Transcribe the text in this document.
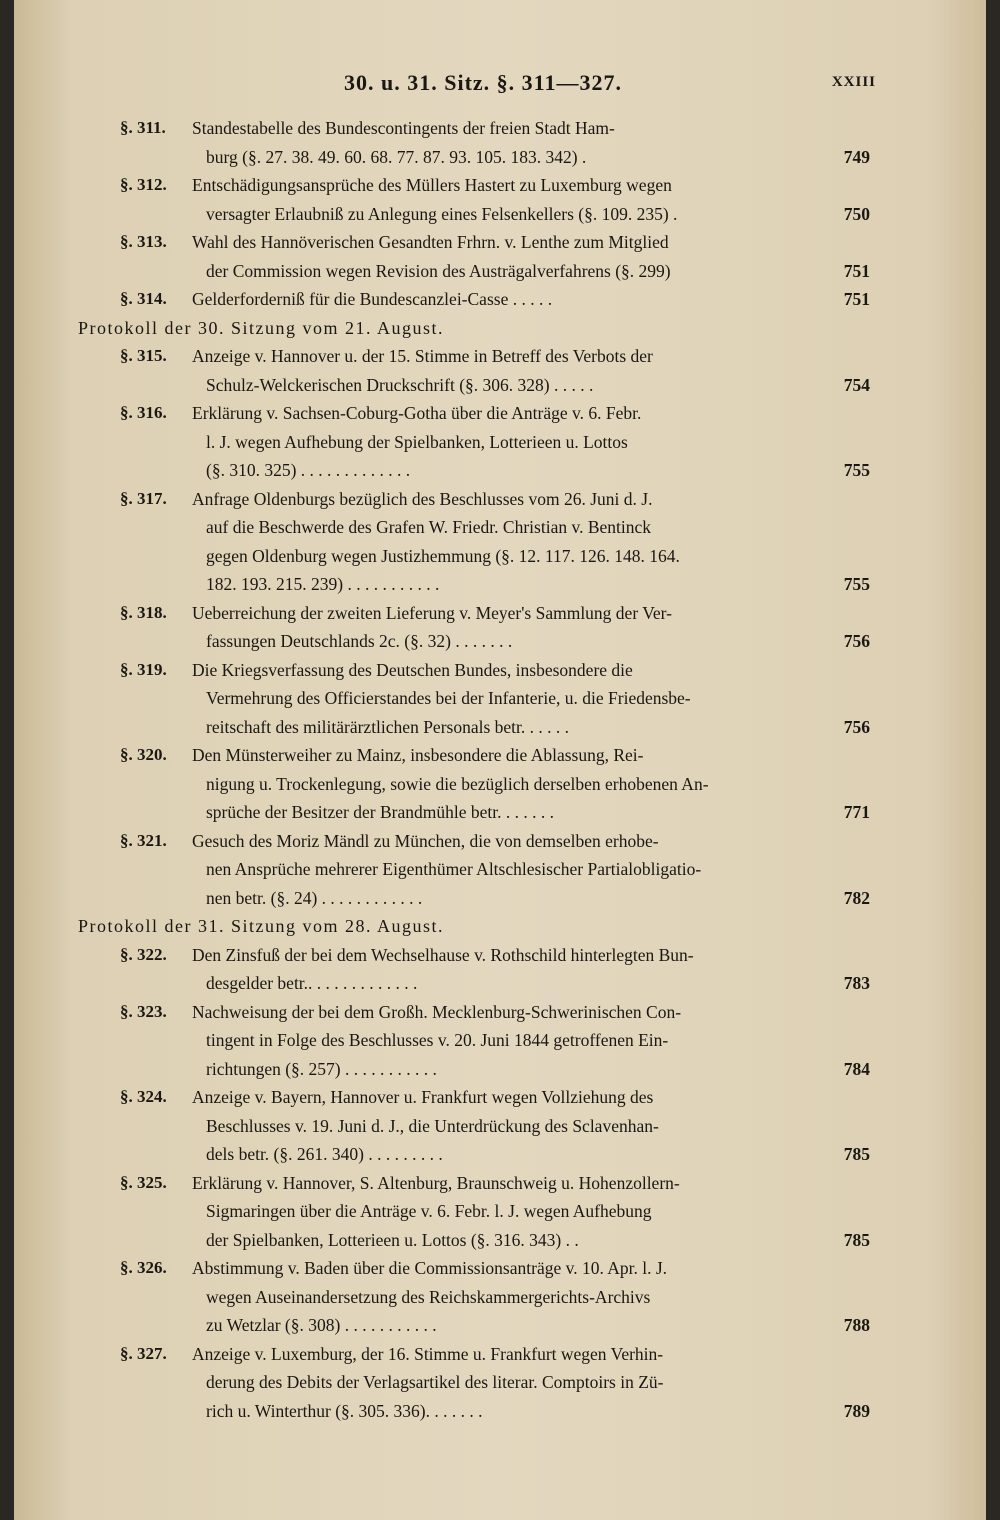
30. u. 31. Sitz. §. 311—327.	XXIII
§. 311. Standestabelle des Bundescontingents der freien Stadt Ham-
burg (§. 27. 38. 49. 60. 68. 77. 87. 93. 105. 183. 342) .	749
§. 312. Entschädigungsansprüche des Müllers Hastert zu Luxemburg wegen
versagter Erlaubniß zu Anlegung eines Felsenkellers (§. 109. 235) .	750
§. 313. Wahl des Hannöverischen Gesandten Frhrn. v. Lenthe zum Mitglied
der Commission wegen Revision des Austrägalverfahrens (§. 299)	751
§. 314. Gelderforderniß für die Bundescanzlei-Casse . . . . .	751
Protokoll der 30. Sitzung vom 21. August.
§. 315. Anzeige v. Hannover u. der 15. Stimme in Betreff des Verbots der
Schulz-Welckerischen Druckschrift (§. 306. 328) . . . . .	754
§. 316. Erklärung v. Sachsen-Coburg-Gotha über die Anträge v. 6. Febr.
l. J. wegen Aufhebung der Spielbanken, Lotterieen u. Lottos
(§. 310. 325) . . . . . . . . . . . . .	755
§. 317. Anfrage Oldenburgs bezüglich des Beschlusses vom 26. Juni d. J.
auf die Beschwerde des Grafen W. Friedr. Christian v. Bentinck
gegen Oldenburg wegen Justizhemmung (§. 12. 117. 126. 148. 164.
182. 193. 215. 239) . . . . . . . . . . .	755
§. 318. Ueberreichung der zweiten Lieferung v. Meyer's Sammlung der Ver-
fassungen Deutschlands 2c. (§. 32) . . . . . . .	756
§. 319. Die Kriegsverfassung des Deutschen Bundes, insbesondere die
Vermehrung des Officierstandes bei der Infanterie, u. die Friedensbe-
reitschaft des militärärztlichen Personals betr. . . . . .	756
§. 320. Den Münsterweiher zu Mainz, insbesondere die Ablassung, Rei-
nigung u. Trockenlegung, sowie die bezüglich derselben erhobenen An-
sprüche der Besitzer der Brandmühle betr. . . . . . .	771
§. 321. Gesuch des Moriz Mändl zu München, die von demselben erhobe-
nen Ansprüche mehrerer Eigenthümer Altschlesischer Partialobligatio-
nen betr. (§. 24) . . . . . . . . . . . .	782
Protokoll der 31. Sitzung vom 28. August.
§. 322. Den Zinsfuß der bei dem Wechselhause v. Rothschild hinterlegten Bun-
desgelder betr.. . . . . . . . . . . . .	783
§. 323. Nachweisung der bei dem Großh. Mecklenburg-Schwerinischen Con-
tingent in Folge des Beschlusses v. 20. Juni 1844 getroffenen Ein-
richtungen (§. 257) . . . . . . . . . . .	784
§. 324. Anzeige v. Bayern, Hannover u. Frankfurt wegen Vollziehung des
Beschlusses v. 19. Juni d. J., die Unterdrückung des Sclavenhan-
dels betr. (§. 261. 340) . . . . . . . . .	785
§. 325. Erklärung v. Hannover, S. Altenburg, Braunschweig u. Hohenzollern-
Sigmaringen über die Anträge v. 6. Febr. l. J. wegen Aufhebung
der Spielbanken, Lotterieen u. Lottos (§. 316. 343) . .	785
§. 326. Abstimmung v. Baden über die Commissionsanträge v. 10. Apr. l. J.
wegen Auseinandersetzung des Reichskammergerichts-Archivs
zu Wetzlar (§. 308) . . . . . . . . . . .	788
§. 327. Anzeige v. Luxemburg, der 16. Stimme u. Frankfurt wegen Verhin-
derung des Debits der Verlagsartikel des literar. Comptoirs in Zü-
rich u. Winterthur (§. 305. 336). . . . . . .	789
